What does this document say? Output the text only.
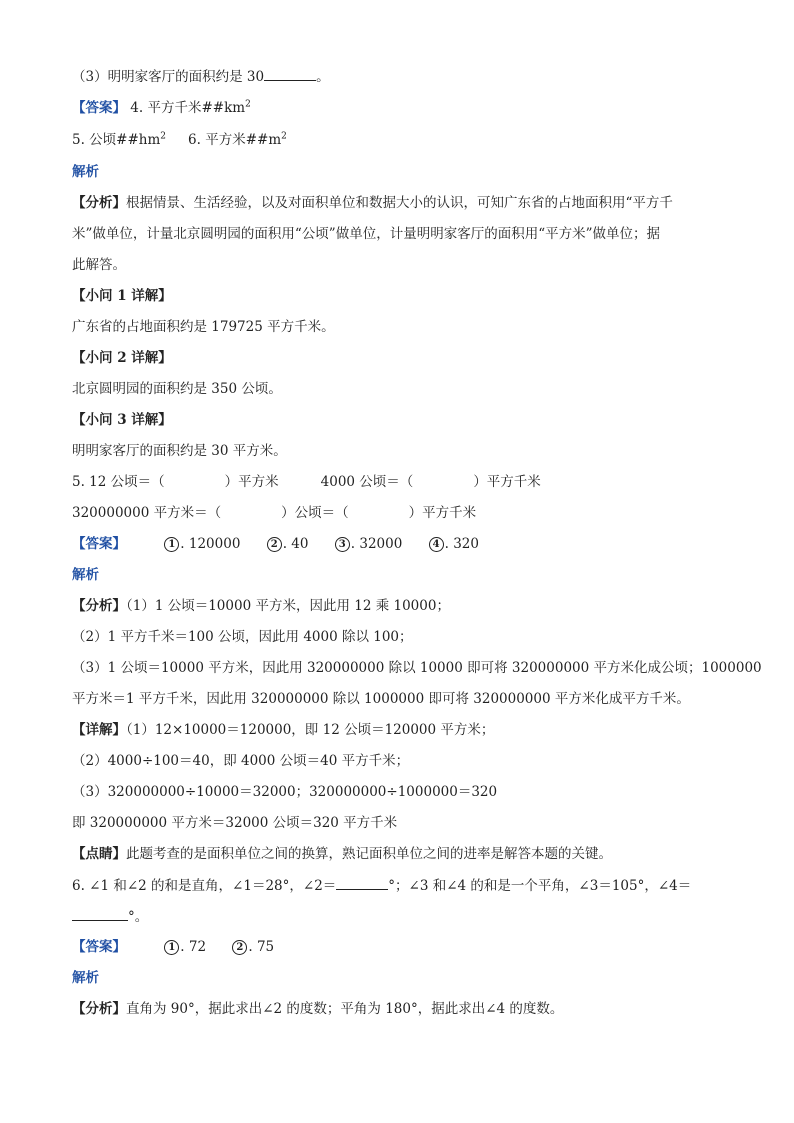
（3）明明家客厅的面积约是 30	。
【答案】 4. 平方千米$\#\#km^2$
5. 公顷$\#\#hm^2$ 6. 平方米$\#\#m^2$
解析
【分析】根据情景、生活经验，以及对面积单位和数据大小的认识，可知广东省的占地面积用“平方千
米”做单位，计量北京圆明园的面积用“公顷”做单位，计量明明家客厅的面积用“平方米”做单位；据
此解答。
【小问 1 详解】
广东省的占地面积约是 179725 平方千米。
【小问 2 详解】
北京圆明园的面积约是 350 公顷。
【小问 3 详解】
明明家客厅的面积约是 30 平方米。
5. 12 公顷＝（	）平方米	4000 公顷＝（	）平方千米
320000000 平方米＝（	）公顷＝（	）平方千米
【答案】	1 . 120000	2 . 40	3 . 32000	4 . 320
解析
【分析】（1）1 公顷＝10000 平方米，因此用 12 乘 10000；
（2）1 平方千米＝100 公顷，因此用 4000 除以 100；
（3）1 公顷＝10000 平方米，因此用 320000000 除以 10000 即可将 320000000 平方米化成公顷；1000000
平方米＝1 平方千米，因此用 320000000 除以 1000000 即可将 320000000 平方米化成平方千米。
【详解】（1）12×10000＝120000，即 12 公顷＝120000 平方米；
（2）4000÷100＝40，即 4000 公顷＝40 平方千米；
（3）320000000÷10000＝32000；320000000÷1000000＝320
即 320000000 平方米＝32000 公顷＝320 平方千米
【点睛】此题考查的是面积单位之间的换算，熟记面积单位之间的进率是解答本题的关键。
6. ∠1 和∠2 的和是直角，∠1＝28°，∠2＝	°；∠3 和∠4 的和是一个平角，∠3＝105°，∠4＝
°。
【答案】	1 . 72	2 . 75
解析
【分析】直角为 90°，据此求出∠2 的度数；平角为 180°，据此求出∠4 的度数。
